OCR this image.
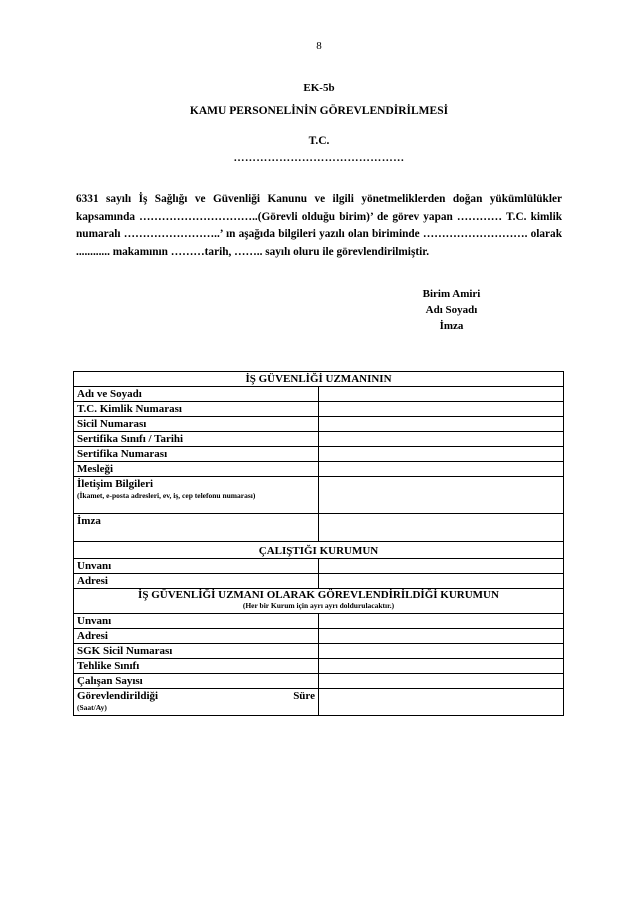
8
EK-5b
KAMU PERSONELİNİN GÖREVLENDİRİLMESİ
T.C.
………………………………………
6331 sayılı İş Sağlığı ve Güvenliği Kanunu ve ilgili yönetmeliklerden doğan yükümlülükler kapsamında …………………………..(Görevli olduğu birim)’ de görev yapan ………… T.C. kimlik numaralı ……………………..’ ın aşağıda bilgileri yazılı olan biriminde ………………………. olarak ............ makamının ………tarih, …….. sayılı oluru ile görevlendirilmiştir.
Birim Amiri
Adı Soyadı
İmza
İŞ GÜVENLİĞİ UZMANININ	
Adı ve Soyadı	
T.C. Kimlik Numarası	
Sicil Numarası	
Sertifika Sınıfı / Tarihi	
Sertifika Numarası	
Mesleği	
İletişim Bilgileri
(İkamet, e-posta adresleri, ev, iş, cep telefonu numarası)	

İmza	
ÇALIŞTIĞI KURUMUN	
Unvanı	
Adresi	
İŞ GÜVENLİĞİ UZMANI OLARAK GÖREVLENDİRİLDİĞİ KURUMUN
(Her bir Kurum için ayrı ayrı doldurulacaktır.)	

Unvanı	
Adresi	
SGK Sicil Numarası	
Tehlike Sınıfı	
Çalışan Sayısı	

Görevlendirildiği Süre
(Saat/Ay)	
